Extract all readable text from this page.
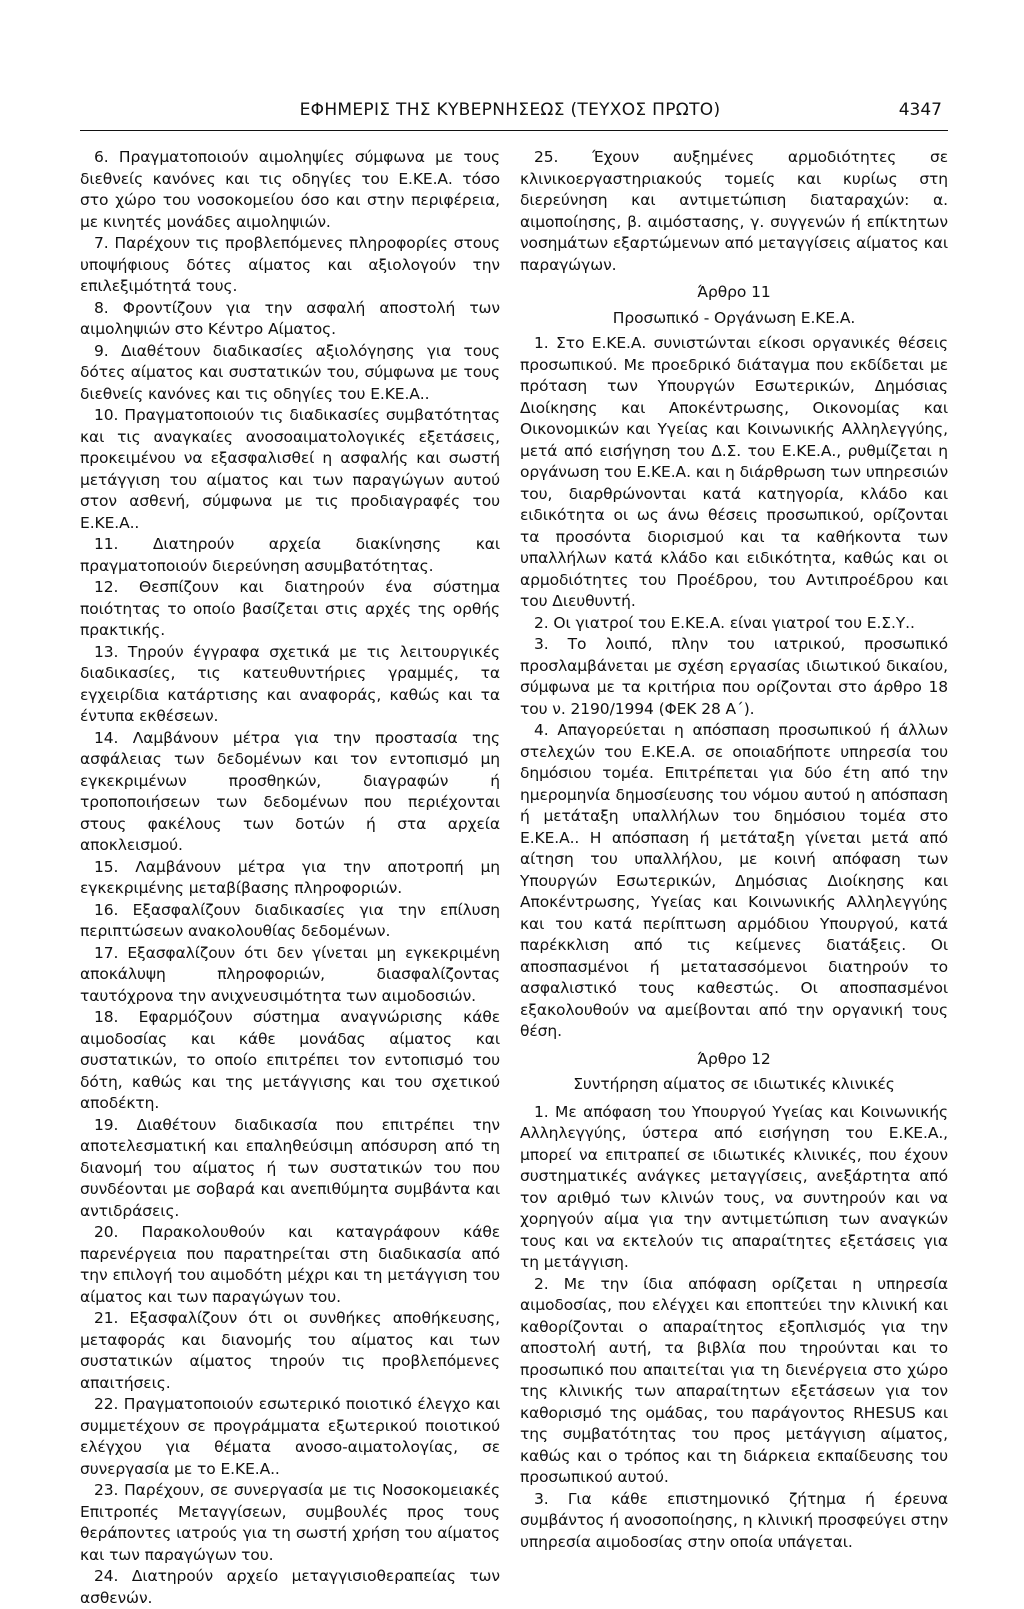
ΕΦΗΜΕΡΙΣ ΤΗΣ ΚΥΒΕΡΝΗΣΕΩΣ (ΤΕΥΧΟΣ ΠΡΩΤΟ)	4347

6. Πραγματοποιούν αιμοληψίες σύμφωνα με τους διεθνείς κανόνες και τις οδηγίες του Ε.ΚΕ.Α. τόσο στο χώρο του νοσοκομείου όσο και στην περιφέρεια, με κινητές μονάδες αιμοληψιών.

7. Παρέχουν τις προβλεπόμενες πληροφορίες στους υποψήφιους δότες αίματος και αξιολογούν την επιλεξιμότητά τους.

8. Φροντίζουν για την ασφαλή αποστολή των αιμοληψιών στο Κέντρο Αίματος.

9. Διαθέτουν διαδικασίες αξιολόγησης για τους δότες αίματος και συστατικών του, σύμφωνα με τους διεθνείς κανόνες και τις οδηγίες του Ε.ΚΕ.Α..

10. Πραγματοποιούν τις διαδικασίες συμβατότητας και τις αναγκαίες ανοσοαιματολογικές εξετάσεις, προκειμένου να εξασφαλισθεί η ασφαλής και σωστή μετάγγιση του αίματος και των παραγώγων αυτού στον ασθενή, σύμφωνα με τις προδιαγραφές του Ε.ΚΕ.Α..

11. Διατηρούν αρχεία διακίνησης και πραγματοποιούν διερεύνηση ασυμβατότητας.

12. Θεσπίζουν και διατηρούν ένα σύστημα ποιότητας το οποίο βασίζεται στις αρχές της ορθής πρακτικής.

13. Τηρούν έγγραφα σχετικά με τις λειτουργικές διαδικασίες, τις κατευθυντήριες γραμμές, τα εγχειρίδια κατάρτισης και αναφοράς, καθώς και τα έντυπα εκθέσεων.

14. Λαμβάνουν μέτρα για την προστασία της ασφάλειας των δεδομένων και τον εντοπισμό μη εγκεκριμένων προσθηκών, διαγραφών ή τροποποιήσεων των δεδομένων που περιέχονται στους φακέλους των δοτών ή στα αρχεία αποκλεισμού.

15. Λαμβάνουν μέτρα για την αποτροπή μη εγκεκριμένης μεταβίβασης πληροφοριών.

16. Εξασφαλίζουν διαδικασίες για την επίλυση περιπτώσεων ανακολουθίας δεδομένων.

17. Εξασφαλίζουν ότι δεν γίνεται μη εγκεκριμένη αποκάλυψη πληροφοριών, διασφαλίζοντας ταυτόχρονα την ανιχνευσιμότητα των αιμοδοσιών.

18. Εφαρμόζουν σύστημα αναγνώρισης κάθε αιμοδοσίας και κάθε μονάδας αίματος και συστατικών, το οποίο επιτρέπει τον εντοπισμό του δότη, καθώς και της μετάγγισης και του σχετικού αποδέκτη.

19. Διαθέτουν διαδικασία που επιτρέπει την αποτελεσματική και επαληθεύσιμη απόσυρση από τη διανομή του αίματος ή των συστατικών του που συνδέονται με σοβαρά και ανεπιθύμητα συμβάντα και αντιδράσεις.

20. Παρακολουθούν και καταγράφουν κάθε παρενέργεια που παρατηρείται στη διαδικασία από την επιλογή του αιμοδότη μέχρι και τη μετάγγιση του αίματος και των παραγώγων του.

21. Εξασφαλίζουν ότι οι συνθήκες αποθήκευσης, μεταφοράς και διανομής του αίματος και των συστατικών αίματος τηρούν τις προβλεπόμενες απαιτήσεις.

22. Πραγματοποιούν εσωτερικό ποιοτικό έλεγχο και συμμετέχουν σε προγράμματα εξωτερικού ποιοτικού ελέγχου για θέματα ανοσο-αιματολογίας, σε συνεργασία με το Ε.ΚΕ.Α..

23. Παρέχουν, σε συνεργασία με τις Νοσοκομειακές Επιτροπές Μεταγγίσεων, συμβουλές προς τους θεράποντες ιατρούς για τη σωστή χρήση του αίματος και των παραγώγων του.

24. Διατηρούν αρχείο μεταγγισιοθεραπείας των ασθενών.

25. Έχουν αυξημένες αρμοδιότητες σε κλινικοεργαστηριακούς τομείς και κυρίως στη διερεύνηση και αντιμετώπιση διαταραχών: α. αιμοποίησης, β. αιμόστασης, γ. συγγενών ή επίκτητων νοσημάτων εξαρτώμενων από μεταγγίσεις αίματος και παραγώγων.

Άρθρο 11

Προσωπικό - Οργάνωση Ε.ΚΕ.Α.

1. Στο Ε.ΚΕ.Α. συνιστώνται είκοσι οργανικές θέσεις προσωπικού. Με προεδρικό διάταγμα που εκδίδεται με πρόταση των Υπουργών Εσωτερικών, Δημόσιας Διοίκησης και Αποκέντρωσης, Οικονομίας και Οικονομικών και Υγείας και Κοινωνικής Αλληλεγγύης, μετά από εισήγηση του Δ.Σ. του Ε.ΚΕ.Α., ρυθμίζεται η οργάνωση του Ε.ΚΕ.Α. και η διάρθρωση των υπηρεσιών του, διαρθρώνονται κατά κατηγορία, κλάδο και ειδικότητα οι ως άνω θέσεις προσωπικού, ορίζονται τα προσόντα διορισμού και τα καθήκοντα των υπαλλήλων κατά κλάδο και ειδικότητα, καθώς και οι αρμοδιότητες του Προέδρου, του Αντιπροέδρου και του Διευθυντή.

2. Οι γιατροί του Ε.ΚΕ.Α. είναι γιατροί του Ε.Σ.Υ..

3. Το λοιπό, πλην του ιατρικού, προσωπικό προσλαμβάνεται με σχέση εργασίας ιδιωτικού δικαίου, σύμφωνα με τα κριτήρια που ορίζονται στο άρθρο 18 του ν. 2190/1994 (ΦΕΚ 28 Α΄).

4. Απαγορεύεται η απόσπαση προσωπικού ή άλλων στελεχών του Ε.ΚΕ.Α. σε οποιαδήποτε υπηρεσία του δημόσιου τομέα. Επιτρέπεται για δύο έτη από την ημερομηνία δημοσίευσης του νόμου αυτού η απόσπαση ή μετάταξη υπαλλήλων του δημόσιου τομέα στο Ε.ΚΕ.Α.. Η απόσπαση ή μετάταξη γίνεται μετά από αίτηση του υπαλλήλου, με κοινή απόφαση των Υπουργών Εσωτερικών, Δημόσιας Διοίκησης και Αποκέντρωσης, Υγείας και Κοινωνικής Αλληλεγγύης και του κατά περίπτωση αρμόδιου Υπουργού, κατά παρέκκλιση από τις κείμενες διατάξεις. Οι αποσπασμένοι ή μετατασσόμενοι διατηρούν το ασφαλιστικό τους καθεστώς. Οι αποσπασμένοι εξακολουθούν να αμείβονται από την οργανική τους θέση.

Άρθρο 12

Συντήρηση αίματος σε ιδιωτικές κλινικές

1. Με απόφαση του Υπουργού Υγείας και Κοινωνικής Αλληλεγγύης, ύστερα από εισήγηση του Ε.ΚΕ.Α., μπορεί να επιτραπεί σε ιδιωτικές κλινικές, που έχουν συστηματικές ανάγκες μεταγγίσεις, ανεξάρτητα από τον αριθμό των κλινών τους, να συντηρούν και να χορηγούν αίμα για την αντιμετώπιση των αναγκών τους και να εκτελούν τις απαραίτητες εξετάσεις για τη μετάγγιση.

2. Με την ίδια απόφαση ορίζεται η υπηρεσία αιμοδοσίας, που ελέγχει και εποπτεύει την κλινική και καθορίζονται ο απαραίτητος εξοπλισμός για την αποστολή αυτή, τα βιβλία που τηρούνται και το προσωπικό που απαιτείται για τη διενέργεια στο χώρο της κλινικής των απαραίτητων εξετάσεων για τον καθορισμό της ομάδας, του παράγοντος RHESUS και της συμβατότητας του προς μετάγγιση αίματος, καθώς και ο τρόπος και τη διάρκεια εκπαίδευσης του προσωπικού αυτού.

3. Για κάθε επιστημονικό ζήτημα ή έρευνα συμβάντος ή ανοσοποίησης, η κλινική προσφεύγει στην υπηρεσία αιμοδοσίας στην οποία υπάγεται.
